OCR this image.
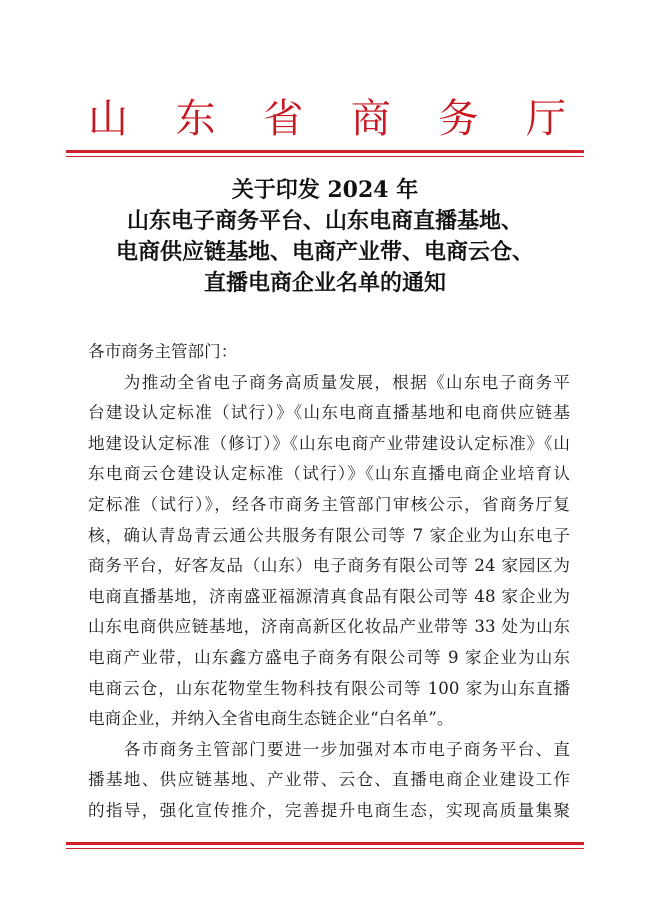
山 东 省 商 务 厅
关于印发 2024 年
山东电子商务平台、山东电商直播基地、
电商供应链基地、电商产业带、电商云仓、
直播电商企业名单的通知
各市商务主管部门：
　　为推动全省电子商务高质量发展，根据《山东电子商务平
台建设认定标准（试行）》《山东电商直播基地和电商供应链基
地建设认定标准（修订）》《山东电商产业带建设认定标准》《山
东电商云仓建设认定标准（试行）》《山东直播电商企业培育认
定标准（试行）》，经各市商务主管部门审核公示，省商务厅复
核，确认青岛青云通公共服务有限公司等 7 家企业为山东电子
商务平台，好客友品（山东）电子商务有限公司等 24 家园区为
电商直播基地，济南盛亚福源清真食品有限公司等 48 家企业为
山东电商供应链基地，济南高新区化妆品产业带等 33 处为山东
电商产业带，山东鑫方盛电子商务有限公司等 9 家企业为山东
电商云仓，山东花物堂生物科技有限公司等 100 家为山东直播
电商企业，并纳入全省电商生态链企业“白名单”。
　　各市商务主管部门要进一步加强对本市电子商务平台、直
播基地、供应链基地、产业带、云仓、直播电商企业建设工作
的指导，强化宣传推介，完善提升电商生态，实现高质量集聚
